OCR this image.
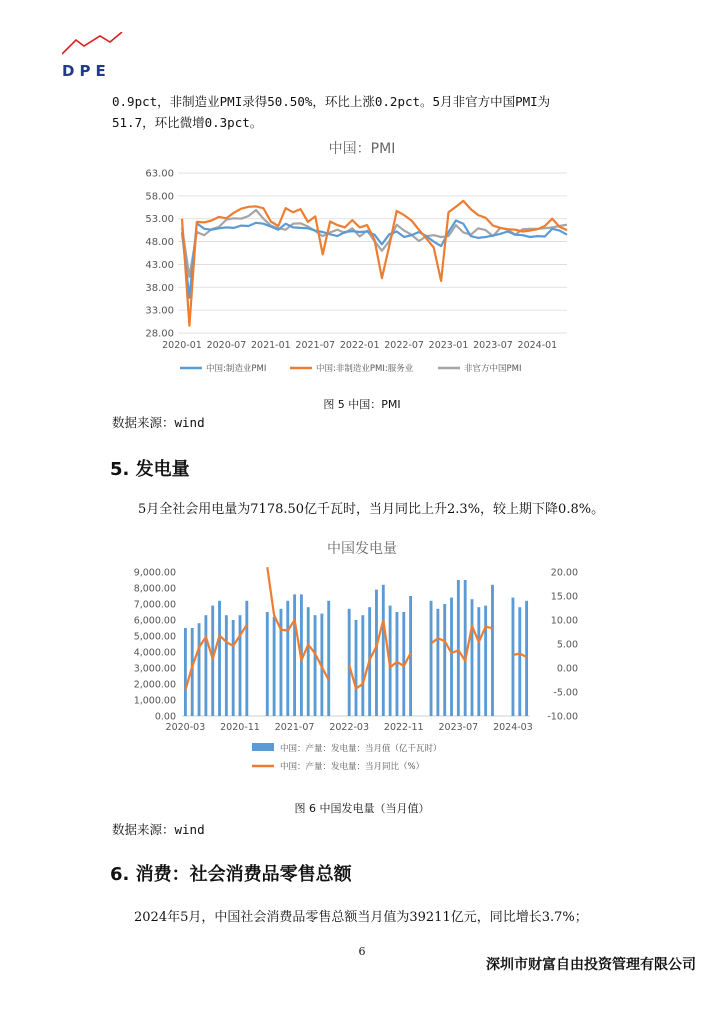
DPE
0.9pct，非制造业PMI录得50.50%，环比上涨0.2pct。5月非官方中国PMI为
51.7，环比微增0.3pct。
中国：PMI
28.00
33.00
38.00
43.00
48.00
53.00
58.00
63.00
2020-01 2020-07 2021-01 2021-07 2022-01 2022-07 2023-01 2023-07 2024-01
中国:制造业PMI	中国:非制造业PMI:服务业	非官方中国PMI
图 5 中国：PMI
数据来源：wind
5. 发电量
5月全社会用电量为7178.50亿千瓦时，当月同比上升2.3%，较上期下降0.8%。
中国发电量
0.00
1,000.00
2,000.00
3,000.00
4,000.00
5,000.00
6,000.00
7,000.00
8,000.00
9,000.00
-10.00
-5.00
0.00
5.00
10.00
15.00
20.00
2020-03 2020-11 2021-07 2022-03 2022-11 2023-07 2024-03
中国：产量：发电量：当月值（亿千瓦时）
中国：产量：发电量：当月同比（%）
图 6 中国发电量（当月值）
数据来源：wind
6. 消费：社会消费品零售总额
2024年5月，中国社会消费品零售总额当月值为39211亿元，同比增长3.7%；
6
深圳市财富自由投资管理有限公司
